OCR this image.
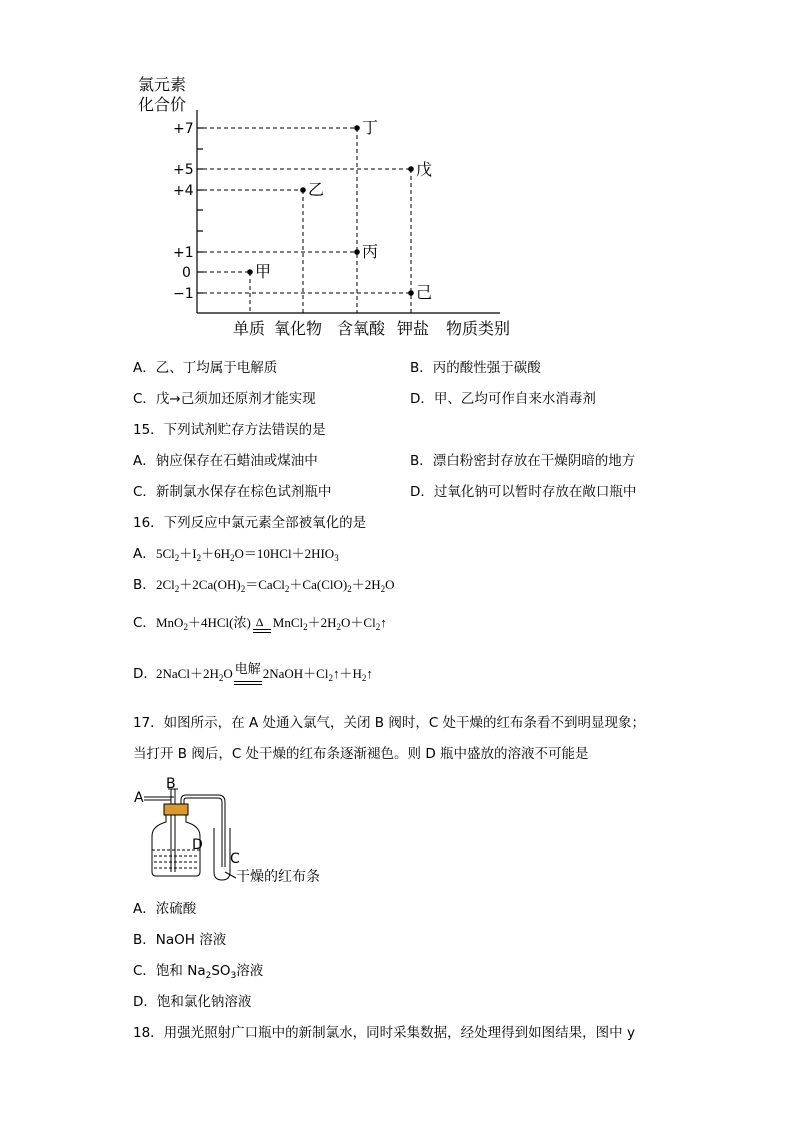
氯元素
化合价
+7
+5
+4
+1
0
−1
甲
乙
丙
丁
戊
己
单质 氧化物 含氧酸 钾盐 物质类别
A．乙、丁均属于电解质	B．丙的酸性强于碳酸
C．戊→己须加还原剂才能实现	D．甲、乙均可作自来水消毒剂
15．下列试剂贮存方法错误的是
A．钠应保存在石蜡油或煤油中	B．漂白粉密封存放在干燥阴暗的地方
C．新制氯水保存在棕色试剂瓶中	D．过氧化钠可以暂时存放在敞口瓶中
16．下列反应中氯元素全部被氧化的是
A． $5Cl_2+I_2+6H_2O=10HCl+2HIO_3$
B． $2Cl_2+2Ca(OH)_2=CaCl_2+Ca(ClO)_2+2H_2O$
C． MnO$_2$＋4HCl(浓) Δ $MnCl_2+2H_2O+Cl_2↑$
D． $2NaCl+2H_2O$ 电解 $2NaOH+Cl_2↑+H_2↑$
17．如图所示，在 A 处通入氯气，关闭 B 阀时，C 处干燥的红布条看不到明显现象；
当打开 B 阀后，C 处干燥的红布条逐渐褪色。则 D 瓶中盛放的溶液不可能是
A
B
D
C
干燥的红布条
A．浓硫酸
B．NaOH 溶液
C．饱和 $Na_2SO_3$溶液
D．饱和氯化钠溶液
18．用强光照射广口瓶中的新制氯水，同时采集数据，经处理得到如图结果，图中 y
